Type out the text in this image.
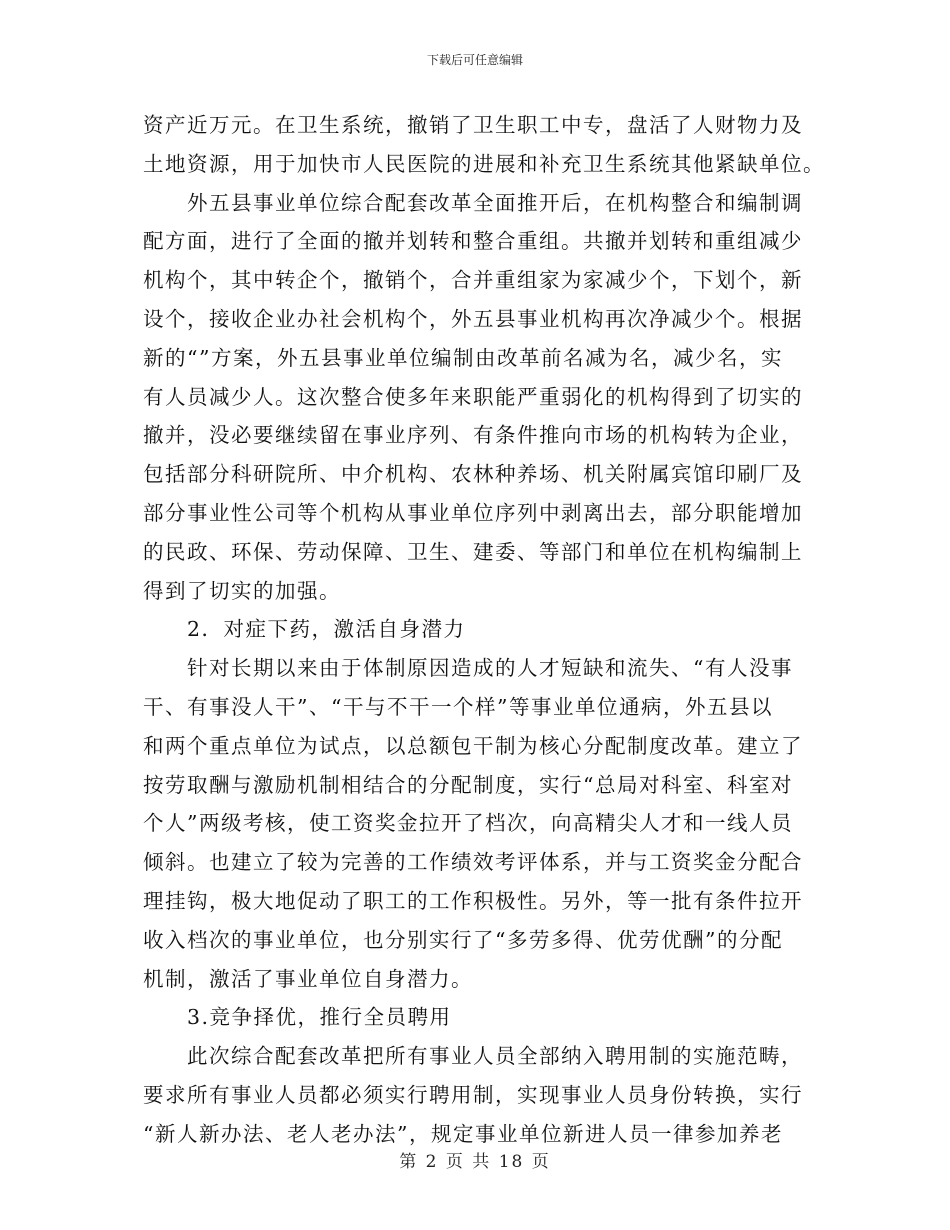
下载后可任意编辑
资产近万元。在卫生系统，撤销了卫生职工中专，盘活了人财物力及
土地资源，用于加快市人民医院的进展和补充卫生系统其他紧缺单位。
外五县事业单位综合配套改革全面推开后，在机构整合和编制调
配方面，进行了全面的撤并划转和整合重组。共撤并划转和重组减少
机构个，其中转企个，撤销个，合并重组家为家减少个，下划个，新
设个，接收企业办社会机构个，外五县事业机构再次净减少个。根据
新的“”方案，外五县事业单位编制由改革前名减为名，减少名，实
有人员减少人。这次整合使多年来职能严重弱化的机构得到了切实的
撤并，没必要继续留在事业序列、有条件推向市场的机构转为企业，
包括部分科研院所、中介机构、农林种养场、机关附属宾馆印刷厂及
部分事业性公司等个机构从事业单位序列中剥离出去，部分职能增加
的民政、环保、劳动保障、卫生、建委、等部门和单位在机构编制上
得到了切实的加强。
2．对症下药，激活自身潜力
针对长期以来由于体制原因造成的人才短缺和流失、“有人没事
干、有事没人干”、“干与不干一个样”等事业单位通病，外五县以
和两个重点单位为试点，以总额包干制为核心分配制度改革。建立了
按劳取酬与激励机制相结合的分配制度，实行“总局对科室、科室对
个人”两级考核，使工资奖金拉开了档次，向高精尖人才和一线人员
倾斜。也建立了较为完善的工作绩效考评体系，并与工资奖金分配合
理挂钩，极大地促动了职工的工作积极性。另外，等一批有条件拉开
收入档次的事业单位，也分别实行了“多劳多得、优劳优酬”的分配
机制，激活了事业单位自身潜力。
3.竞争择优，推行全员聘用
此次综合配套改革把所有事业人员全部纳入聘用制的实施范畴，
要求所有事业人员都必须实行聘用制，实现事业人员身份转换，实行
“新人新办法、老人老办法”，规定事业单位新进人员一律参加养老
第 2 页 共 18 页
